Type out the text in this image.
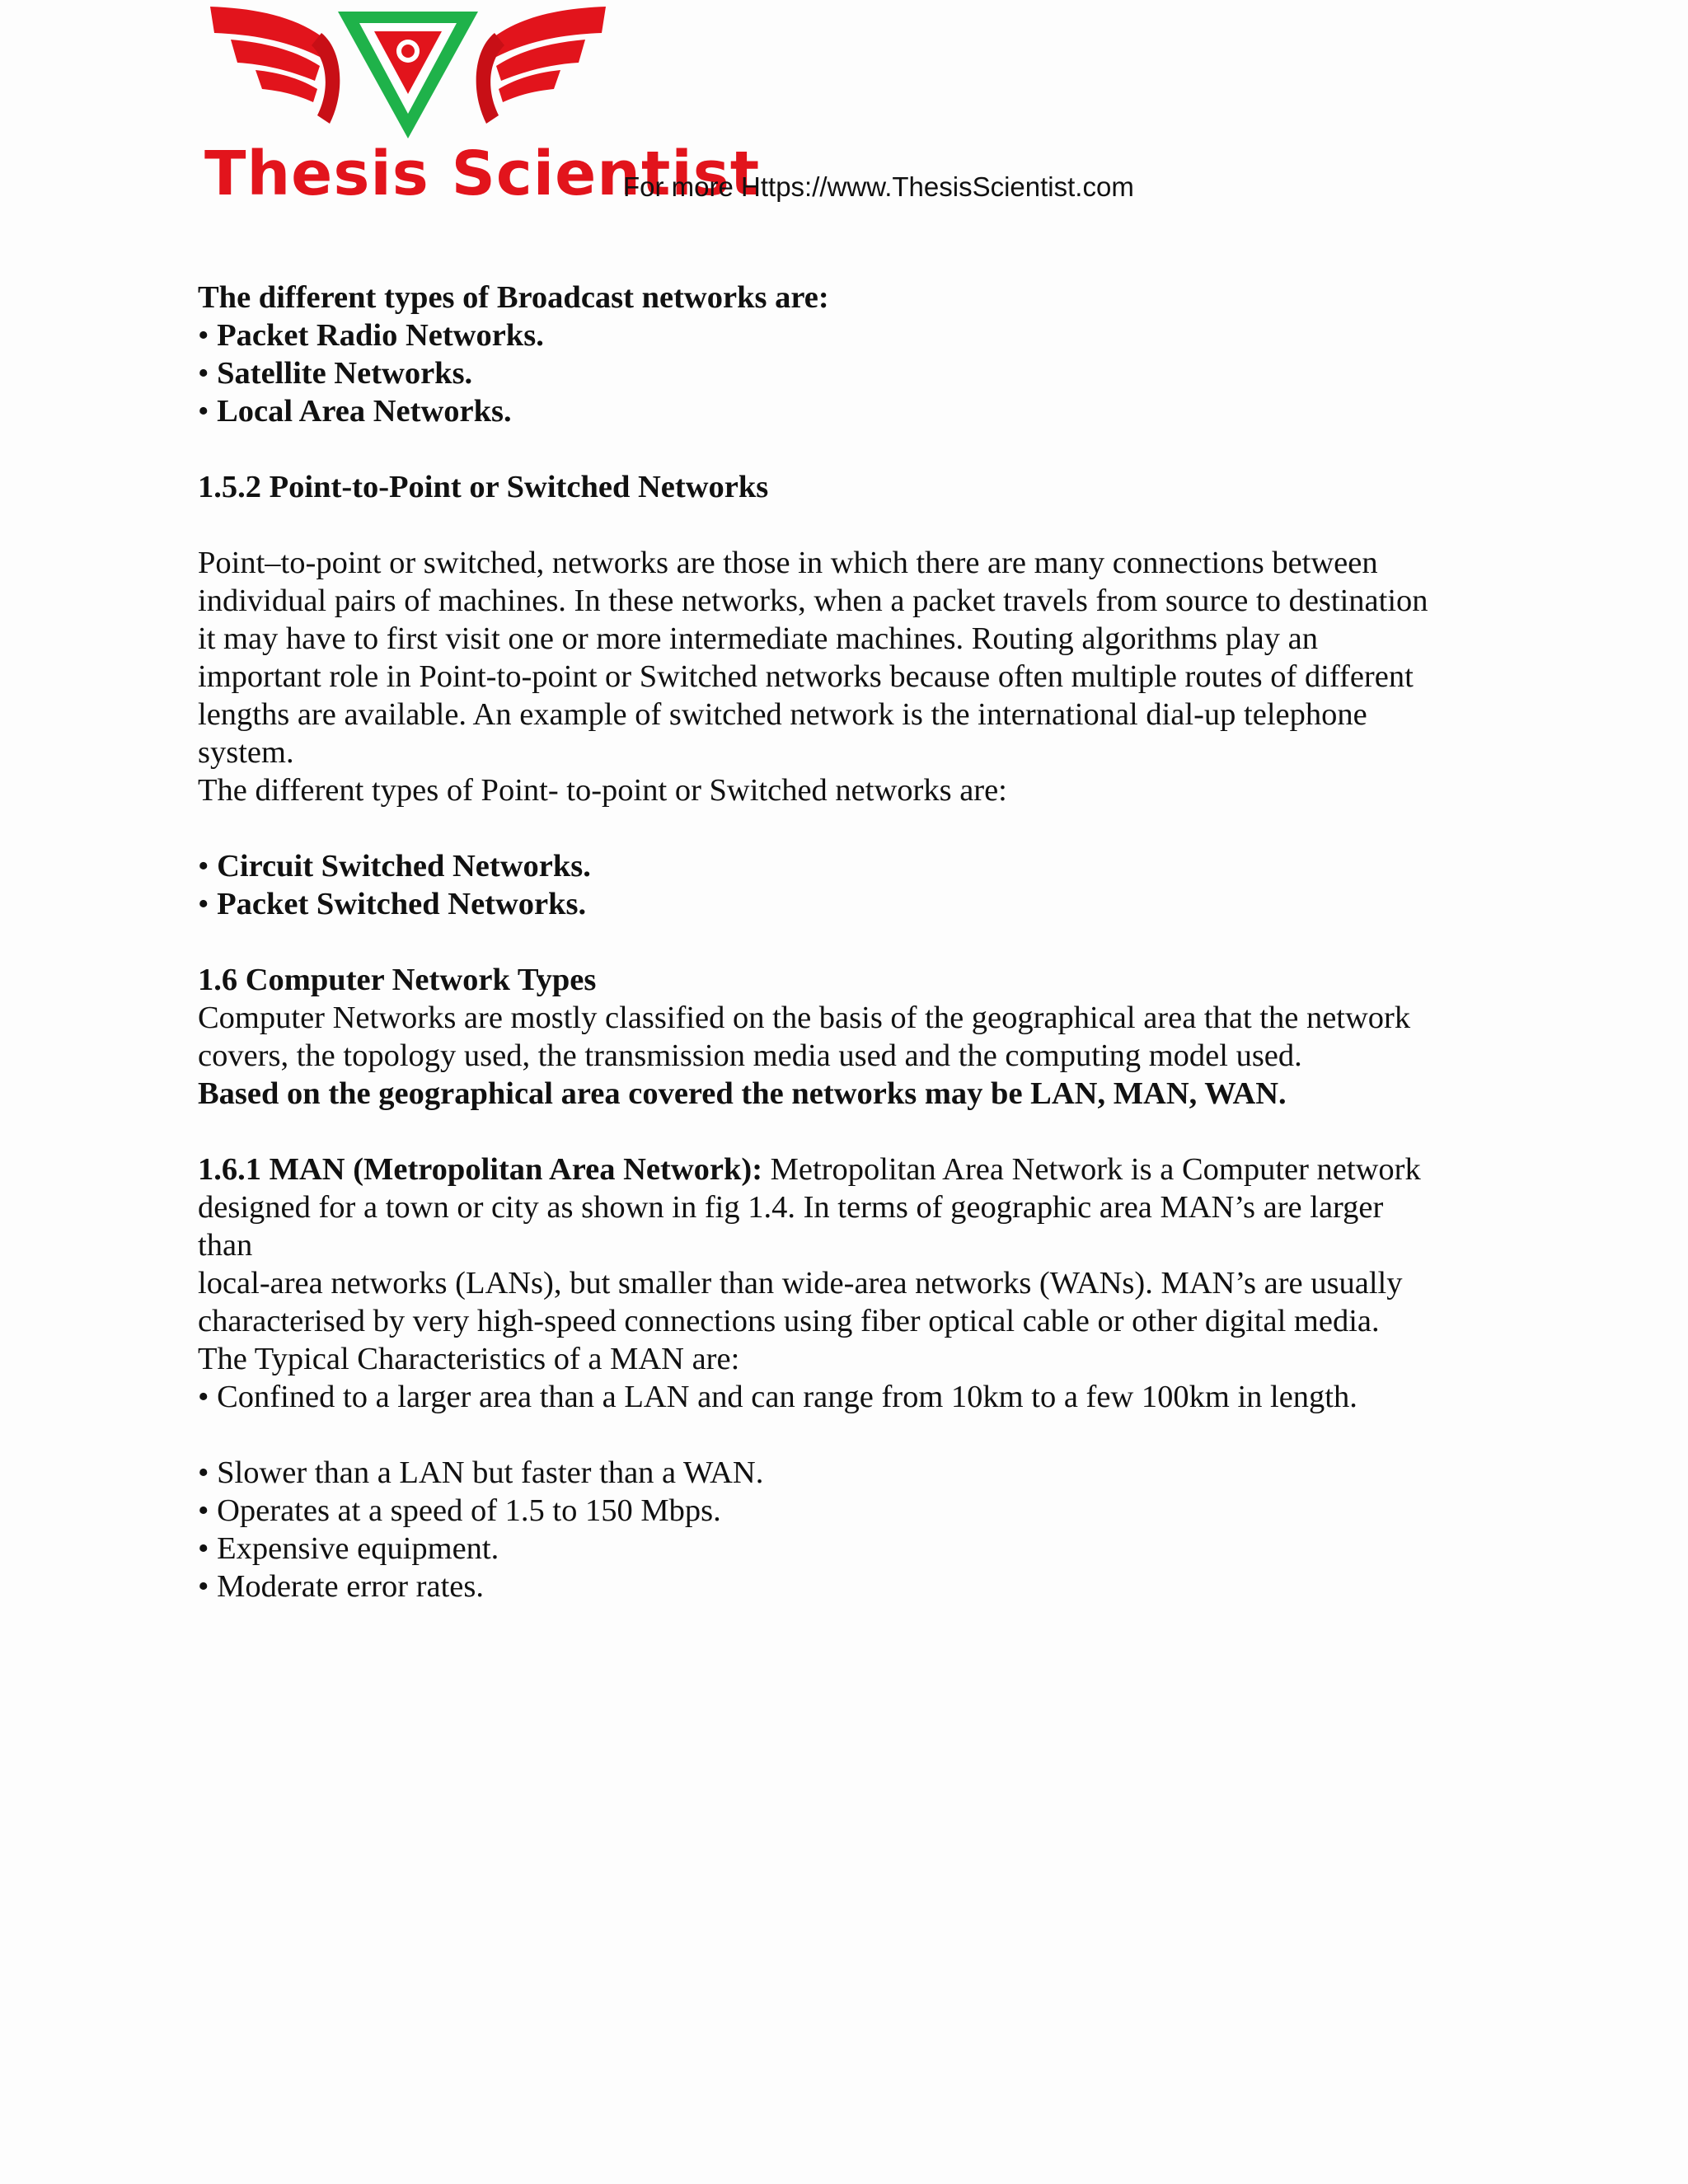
Thesis Scientist
For more Https://www.ThesisScientist.com

The different types of Broadcast networks are:

• Packet Radio Networks.
• Satellite Networks.
• Local Area Networks.

1.5.2 Point-to-Point or Switched Networks

Point–to-point or switched, networks are those in which there are many connections between

individual pairs of machines. In these networks, when a packet travels from source to destination

it may have to first visit one or more intermediate machines. Routing algorithms play an

important role in Point-to-point or Switched networks because often multiple routes of different

lengths are available. An example of switched network is the international dial-up telephone

system.

The different types of Point- to-point or Switched networks are:

• Circuit Switched Networks.
• Packet Switched Networks.

1.6 Computer Network Types

Computer Networks are mostly classified on the basis of the geographical area that the network

covers, the topology used, the transmission media used and the computing model used.

Based on the geographical area covered the networks may be LAN, MAN, WAN.

1.6.1 MAN (Metropolitan Area Network): Metropolitan Area Network is a Computer network

designed for a town or city as shown in fig 1.4. In terms of geographic area MAN’s are larger

than

local-area networks (LANs), but smaller than wide-area networks (WANs). MAN’s are usually

characterised by very high-speed connections using fiber optical cable or other digital media.

The Typical Characteristics of a MAN are:

• Confined to a larger area than a LAN and can range from 10km to a few 100km in length.
• Slower than a LAN but faster than a WAN.
• Operates at a speed of 1.5 to 150 Mbps.
• Expensive equipment.
• Moderate error rates.
